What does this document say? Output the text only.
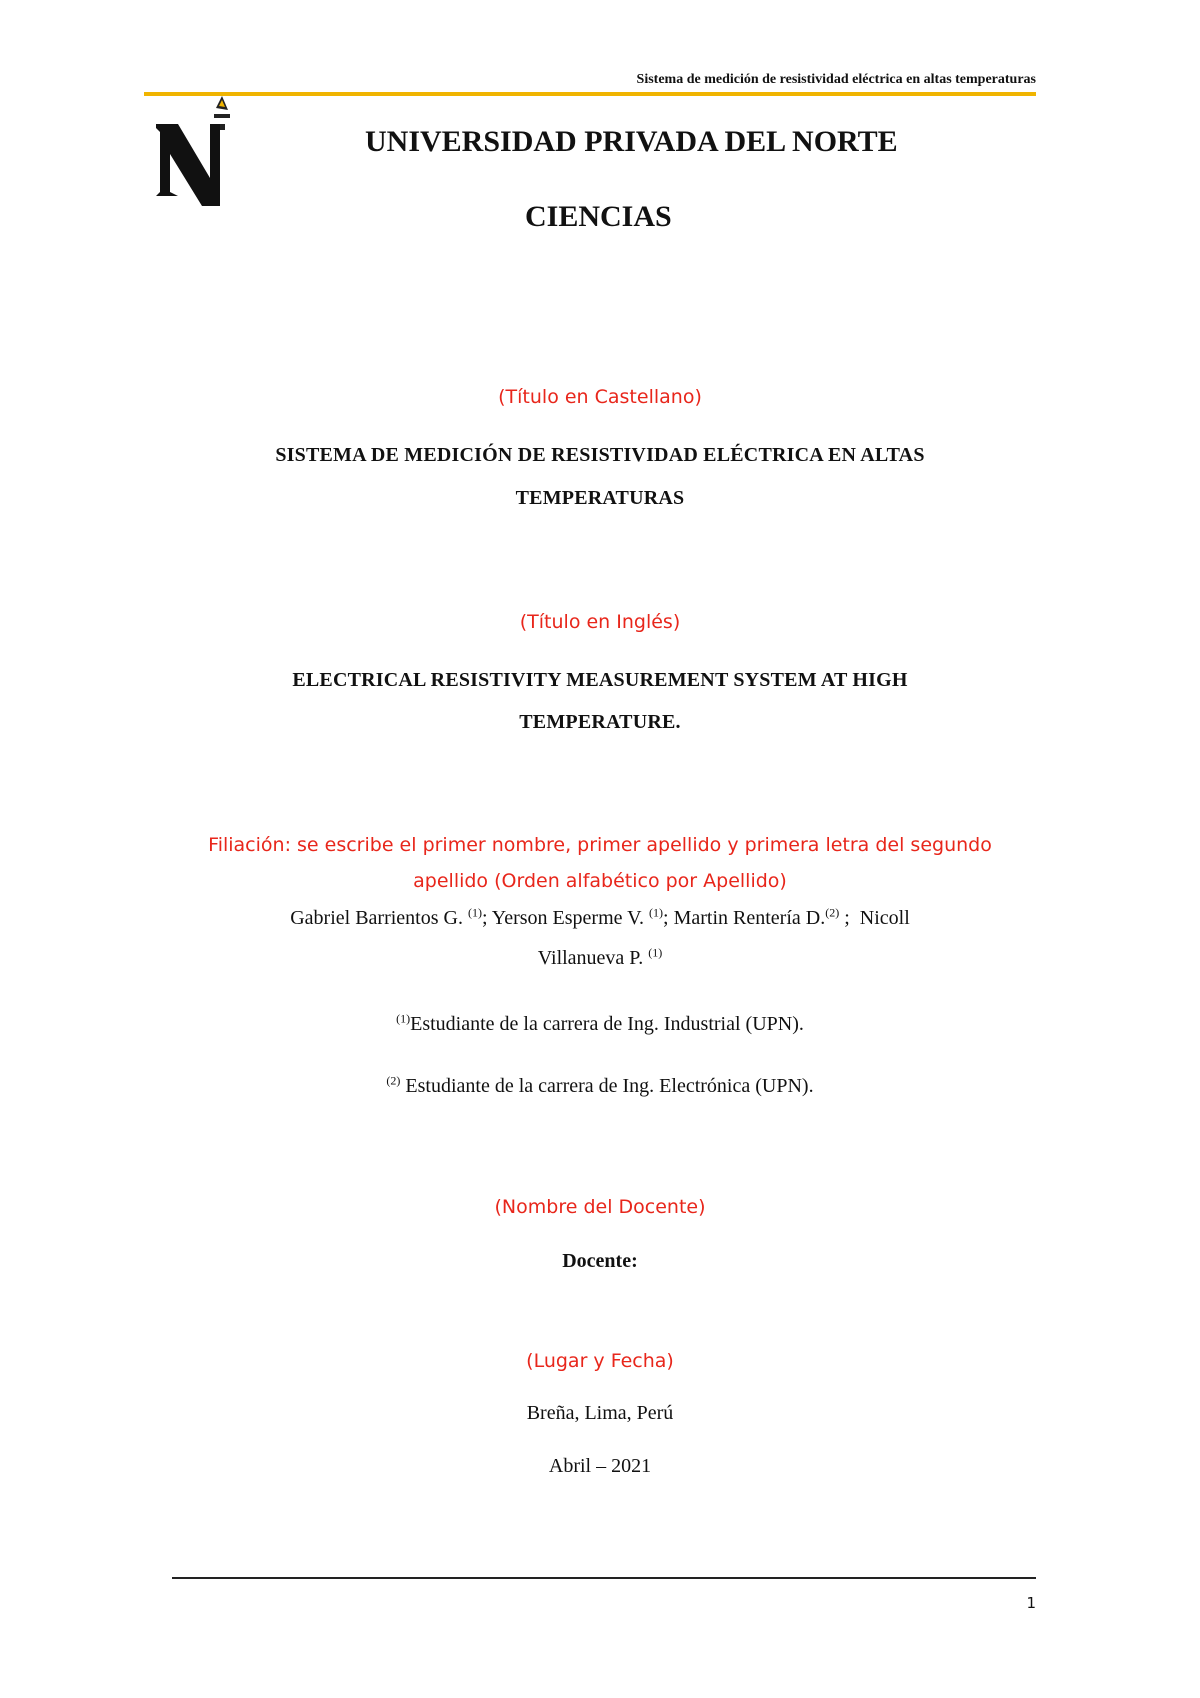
Sistema de medición de resistividad eléctrica en altas temperaturas
UNIVERSIDAD PRIVADA DEL NORTE
CIENCIAS
(Título en Castellano)
SISTEMA DE MEDICIÓN DE RESISTIVIDAD ELÉCTRICA EN ALTAS
TEMPERATURAS
(Título en Inglés)
ELECTRICAL RESISTIVITY MEASUREMENT SYSTEM AT HIGH
TEMPERATURE.
Filiación: se escribe el primer nombre, primer apellido y primera letra del segundo
apellido (Orden alfabético por Apellido)
Gabriel Barrientos G. $^{(1)}$; Yerson Esperme V. $^{(1)}$; Martin Rentería D.$^{(2)}$ ;  Nicoll
Villanueva P. $^{(1)}$
$^{(1)}$Estudiante de la carrera de Ing. Industrial (UPN).
$^{(2)}$ Estudiante de la carrera de Ing. Electrónica (UPN).
(Nombre del Docente)
Docente:
(Lugar y Fecha)
Breña, Lima, Perú
Abril – 2021
1
